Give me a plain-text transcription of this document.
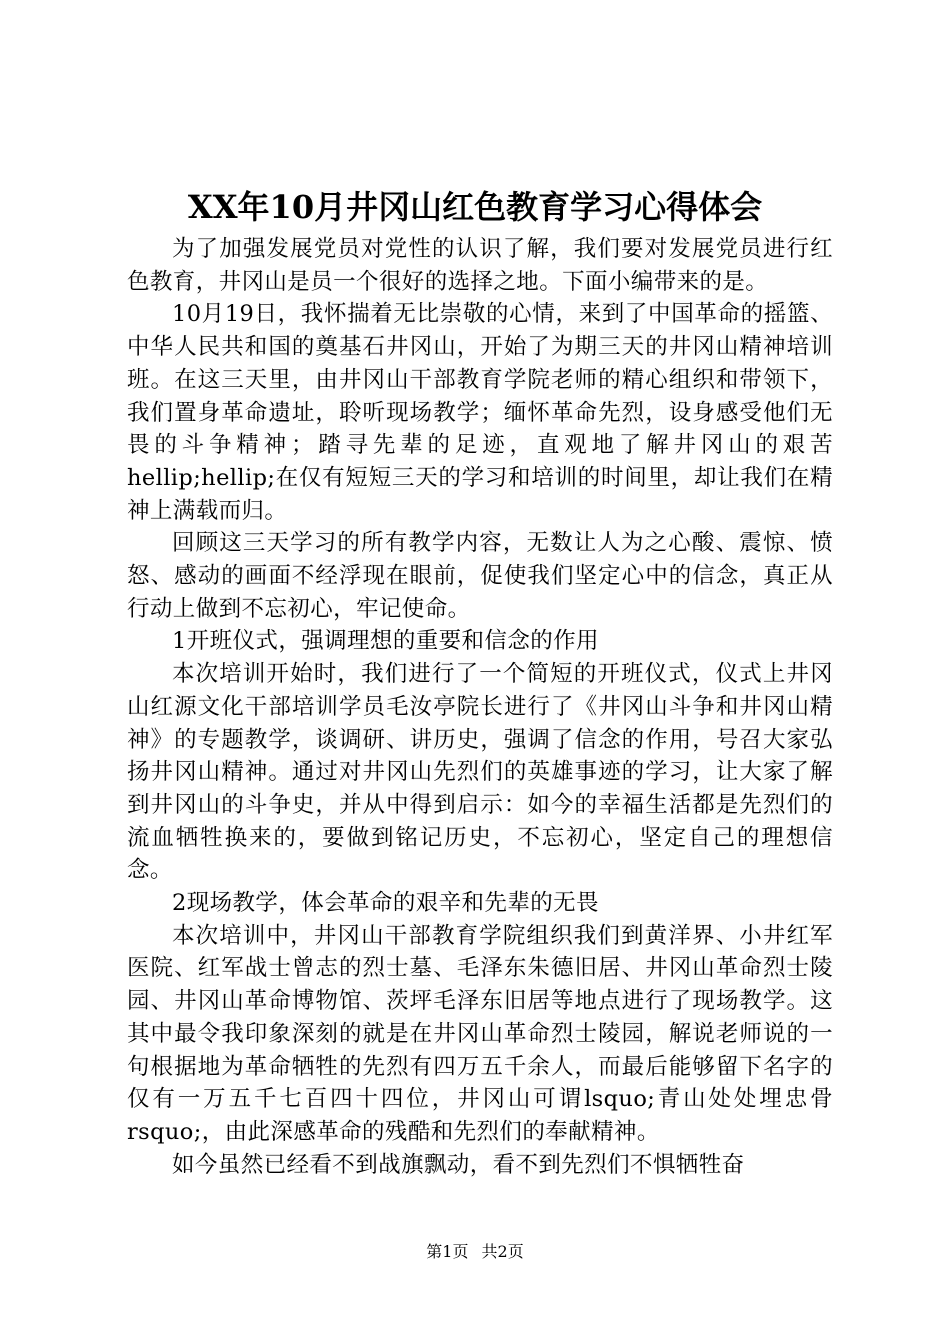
XX年10月井冈山红色教育学习心得体会

为了加强发展党员对党性的认识了解，我们要对发展党员进行红色教育，井冈山是员一个很好的选择之地。下面小编带来的是。

10月19日，我怀揣着无比崇敬的心情，来到了中国革命的摇篮、中华人民共和国的奠基石井冈山，开始了为期三天的井冈山精神培训班。在这三天里，由井冈山干部教育学院老师的精心组织和带领下，我们置身革命遗址，聆听现场教学；缅怀革命先烈，设身感受他们无畏的斗争精神；踏寻先辈的足迹，直观地了解井冈山的艰苦hellip;hellip;在仅有短短三天的学习和培训的时间里，却让我们在精神上满载而归。

回顾这三天学习的所有教学内容，无数让人为之心酸、震惊、愤怒、感动的画面不经浮现在眼前，促使我们坚定心中的信念，真正从行动上做到不忘初心，牢记使命。

1开班仪式，强调理想的重要和信念的作用

本次培训开始时，我们进行了一个简短的开班仪式，仪式上井冈山红源文化干部培训学员毛汝亭院长进行了《井冈山斗争和井冈山精神》的专题教学，谈调研、讲历史，强调了信念的作用，号召大家弘扬井冈山精神。通过对井冈山先烈们的英雄事迹的学习，让大家了解到井冈山的斗争史，并从中得到启示：如今的幸福生活都是先烈们的流血牺牲换来的，要做到铭记历史，不忘初心，坚定自己的理想信念。

2现场教学，体会革命的艰辛和先辈的无畏

本次培训中，井冈山干部教育学院组织我们到黄洋界、小井红军医院、红军战士曾志的烈士墓、毛泽东朱德旧居、井冈山革命烈士陵园、井冈山革命博物馆、茨坪毛泽东旧居等地点进行了现场教学。这其中最令我印象深刻的就是在井冈山革命烈士陵园，解说老师说的一句根据地为革命牺牲的先烈有四万五千余人，而最后能够留下名字的仅有一万五千七百四十四位，井冈山可谓lsquo;青山处处埋忠骨rsquo;，由此深感革命的残酷和先烈们的奉献精神。

如今虽然已经看不到战旗飘动，看不到先烈们不惧牺牲奋

第1页 共2页
